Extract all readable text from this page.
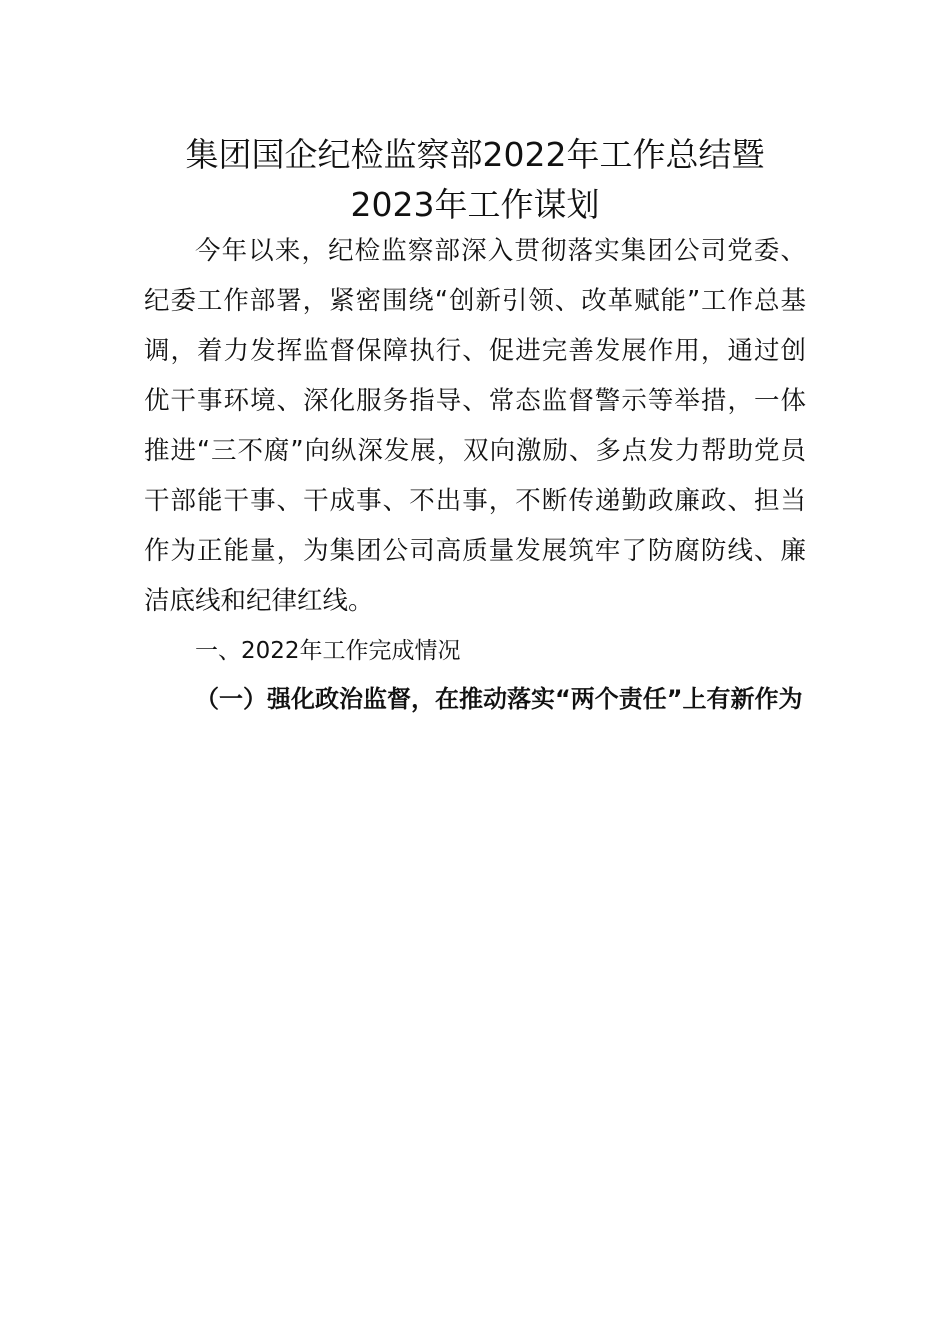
集团国企纪检监察部2022年工作总结暨
2023年工作谋划

今年以来，纪检监察部深入贯彻落实集团公司党委、纪委工作部署，紧密围绕“创新引领、改革赋能”工作总基调，着力发挥监督保障执行、促进完善发展作用，通过创优干事环境、深化服务指导、常态监督警示等举措，一体推进“三不腐”向纵深发展，双向激励、多点发力帮助党员干部能干事、干成事、不出事，不断传递勤政廉政、担当作为正能量，为集团公司高质量发展筑牢了防腐防线、廉洁底线和纪律红线。

一、2022年工作完成情况

（一）强化政治监督，在推动落实“两个责任”上有新作为
